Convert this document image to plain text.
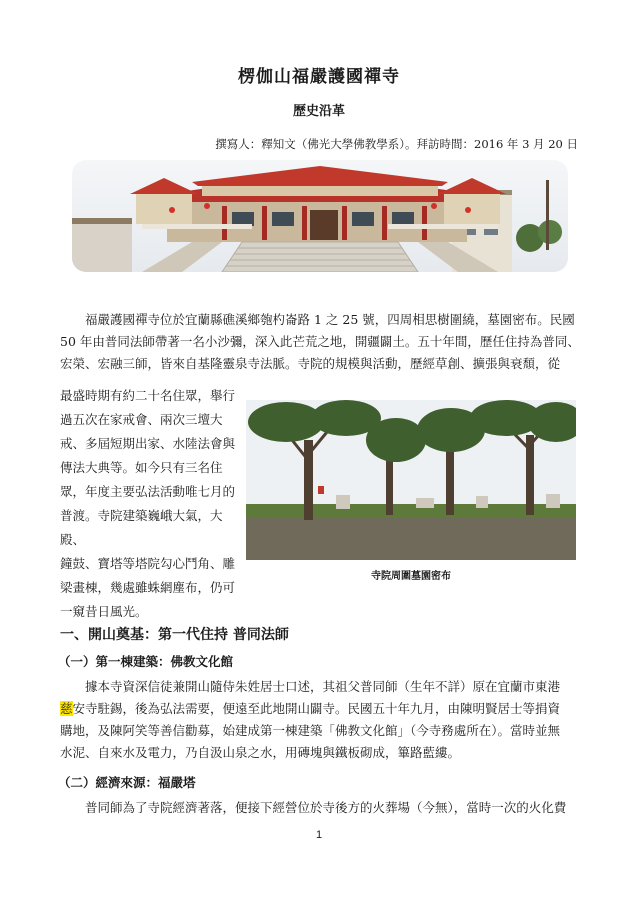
楞伽山福嚴護國禪寺
歷史沿革
撰寫人：釋知文（佛光大學佛教學系）。拜訪時間：2016 年 3 月 20 日

福嚴護國禪寺位於宜蘭縣礁溪鄉匏杓崙路 1 之 25 號，四周相思樹圍繞，墓園密布。民國

50 年由普同法師帶著一名小沙彌，深入此芒荒之地，開疆闢土。五十年間，歷任住持為普同、

宏榮、宏融三師，皆來自基隆靈泉寺法脈。寺院的規模與活動，歷經草創、擴張與衰頹，從

最盛時期有約二十名住眾，舉行
過五次在家戒會、兩次三壇大
戒、多屆短期出家、水陸法會與
傳法大典等。如今只有三名住
眾，年度主要弘法活動唯七月的
普渡。寺院建築巍峨大氣，大殿、
鐘鼓、寶塔等塔院勾心鬥角、雕
梁畫棟，幾處雖蛛網塵布，仍可
一窺昔日風光。
寺院周圍墓園密布
一、開山奠基：第一代住持 普同法師
（一）第一棟建築：佛教文化館

據本寺資深信徒兼開山隨侍朱姓居士口述，其祖父普同師（生年不詳）原在宜蘭市東港

慈安寺駐錫，後為弘法需要，便遠至此地開山闢寺。民國五十年九月，由陳明賢居士等捐資

購地，及陳阿笑等善信勸募，始建成第一棟建築「佛教文化館」（今寺務處所在）。當時並無

水泥、自來水及電力，乃自汲山泉之水，用磚塊與鐵板砌成，篳路藍縷。

（二）經濟來源：福嚴塔

普同師為了寺院經濟著落，便接下經營位於寺後方的火葬場（今無），當時一次的火化費

1
